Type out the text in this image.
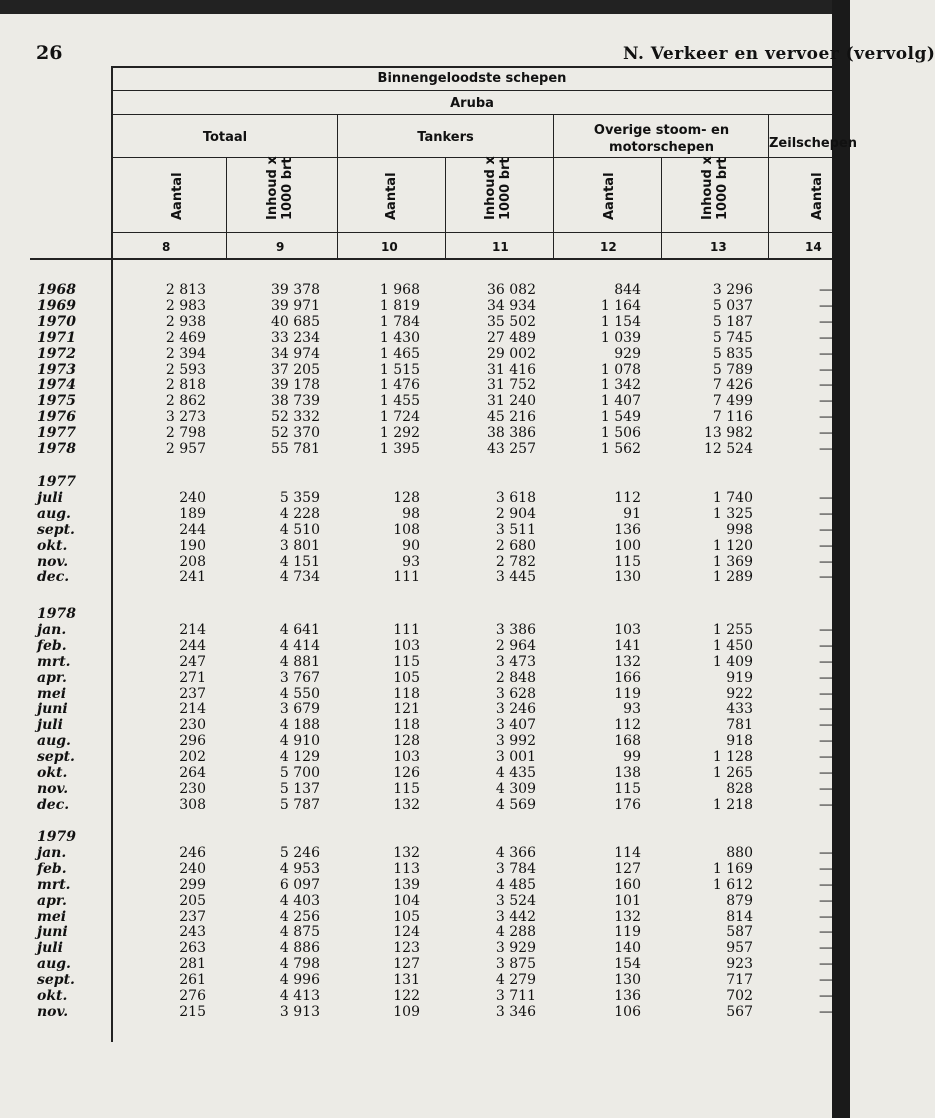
26	N. Verkeer en vervoer (vervolg)
Binnengeloodste schepen
Aruba
Totaal	Tankers	Overige stoom- en motorschepen	Zeilschepen
Aantal	Inhoud x 1000 brt	Aantal	Inhoud x 1000 brt	Aantal	Inhoud x 1000 brt	Aantal
8	9	10	11	12	13	14
1968	2 813	39 378	1 968	36 082	844	3 296	—
1969	2 983	39 971	1 819	34 934	1 164	5 037	—
1970	2 938	40 685	1 784	35 502	1 154	5 187	—
1971	2 469	33 234	1 430	27 489	1 039	5 745	—
1972	2 394	34 974	1 465	29 002	929	5 835	—
1973	2 593	37 205	1 515	31 416	1 078	5 789	—
1974	2 818	39 178	1 476	31 752	1 342	7 426	—
1975	2 862	38 739	1 455	31 240	1 407	7 499	—
1976	3 273	52 332	1 724	45 216	1 549	7 116	—
1977	2 798	52 370	1 292	38 386	1 506	13 982	—
1978	2 957	55 781	1 395	43 257	1 562	12 524	—
1977
juli	240	5 359	128	3 618	112	1 740	—
aug.	189	4 228	98	2 904	91	1 325	—
sept.	244	4 510	108	3 511	136	998	—
okt.	190	3 801	90	2 680	100	1 120	—
nov.	208	4 151	93	2 782	115	1 369	—
dec.	241	4 734	111	3 445	130	1 289	—
1978
jan.	214	4 641	111	3 386	103	1 255	—
feb.	244	4 414	103	2 964	141	1 450	—
mrt.	247	4 881	115	3 473	132	1 409	—
apr.	271	3 767	105	2 848	166	919	—
mei	237	4 550	118	3 628	119	922	—
juni	214	3 679	121	3 246	93	433	—
juli	230	4 188	118	3 407	112	781	—
aug.	296	4 910	128	3 992	168	918	—
sept.	202	4 129	103	3 001	99	1 128	—
okt.	264	5 700	126	4 435	138	1 265	—
nov.	230	5 137	115	4 309	115	828	—
dec.	308	5 787	132	4 569	176	1 218	—
1979
jan.	246	5 246	132	4 366	114	880	—
feb.	240	4 953	113	3 784	127	1 169	—
mrt.	299	6 097	139	4 485	160	1 612	—
apr.	205	4 403	104	3 524	101	879	—
mei	237	4 256	105	3 442	132	814	—
juni	243	4 875	124	4 288	119	587	—
juli	263	4 886	123	3 929	140	957	—
aug.	281	4 798	127	3 875	154	923	—
sept.	261	4 996	131	4 279	130	717	—
okt.	276	4 413	122	3 711	136	702	—
nov.	215	3 913	109	3 346	106	567	—
